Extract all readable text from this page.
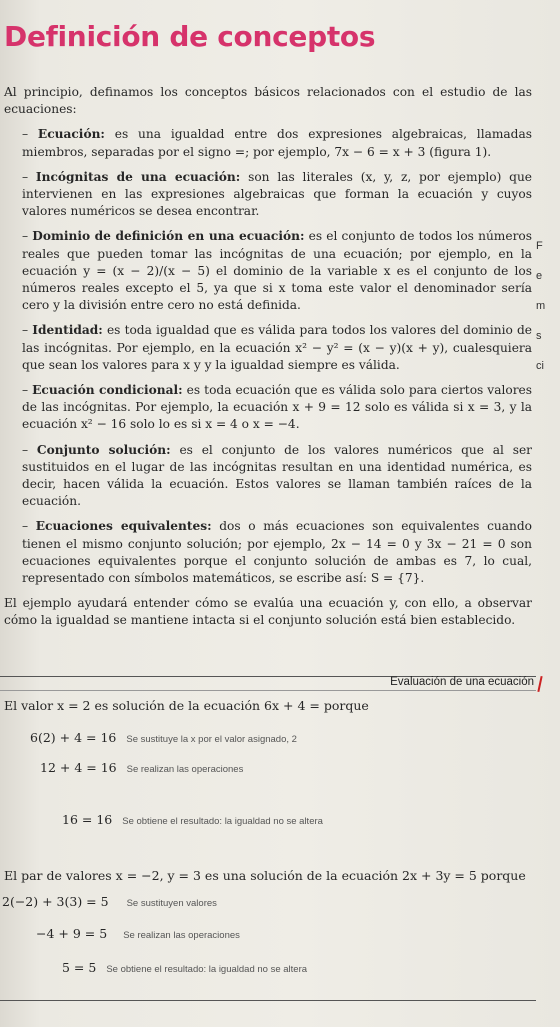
Definición de conceptos

Al principio, definamos los conceptos básicos relacionados con el estudio de las ecuaciones:

– Ecuación: es una igualdad entre dos expresiones algebraicas, llamadas miembros, separadas por el signo =; por ejemplo, 7x − 6 = x + 3 (figura 1).

– Incógnitas de una ecuación: son las literales (x, y, z, por ejemplo) que intervienen en las expresiones algebraicas que forman la ecuación y cuyos valores numéricos se desea encontrar.

– Dominio de definición en una ecuación: es el conjunto de todos los números reales que pueden tomar las incógnitas de una ecuación; por ejemplo, en la ecuación y = (x − 2)/(x − 5) el dominio de la variable x es el conjunto de los números reales excepto el 5, ya que si x toma este valor el denominador sería cero y la división entre cero no está definida.

– Identidad: es toda igualdad que es válida para todos los valores del dominio de las incógnitas. Por ejemplo, en la ecuación x² − y² = (x − y)(x + y), cualesquiera que sean los valores para x y y la igualdad siempre es válida.

– Ecuación condicional: es toda ecuación que es válida solo para ciertos valores de las incógnitas. Por ejemplo, la ecuación x + 9 = 12 solo es válida si x = 3, y la ecuación x² − 16 solo lo es si x = 4 o x = −4.

– Conjunto solución: es el conjunto de los valores numéricos que al ser sustituidos en el lugar de las incógnitas resultan en una identidad numérica, es decir, hacen válida la ecuación. Estos valores se llaman también raíces de la ecuación.

– Ecuaciones equivalentes: dos o más ecuaciones son equivalentes cuando tienen el mismo conjunto solución; por ejemplo, 2x − 14 = 0 y 3x − 21 = 0 son ecuaciones equivalentes porque el conjunto solución de ambas es 7, lo cual, representado con símbolos matemáticos, se escribe así: S = {7}.

El ejemplo ayudará entender cómo se evalúa una ecuación y, con ello, a observar cómo la igualdad se mantiene intacta si el conjunto solución está bien establecido.

F
e
m
s
ci
Evaluación de una ecuación
El valor x = 2 es solución de la ecuación 6x + 4 = porque
6(2) + 4 = 16 Se sustituye la x por el valor asignado, 2
12 + 4 = 16 Se realizan las operaciones
16 = 16 Se obtiene el resultado: la igualdad no se altera
El par de valores x = −2, y = 3 es una solución de la ecuación 2x + 3y = 5 porque
2(−2) + 3(3) = 5 Se sustituyen valores
−4 + 9 = 5 Se realizan las operaciones
5 = 5 Se obtiene el resultado: la igualdad no se altera
